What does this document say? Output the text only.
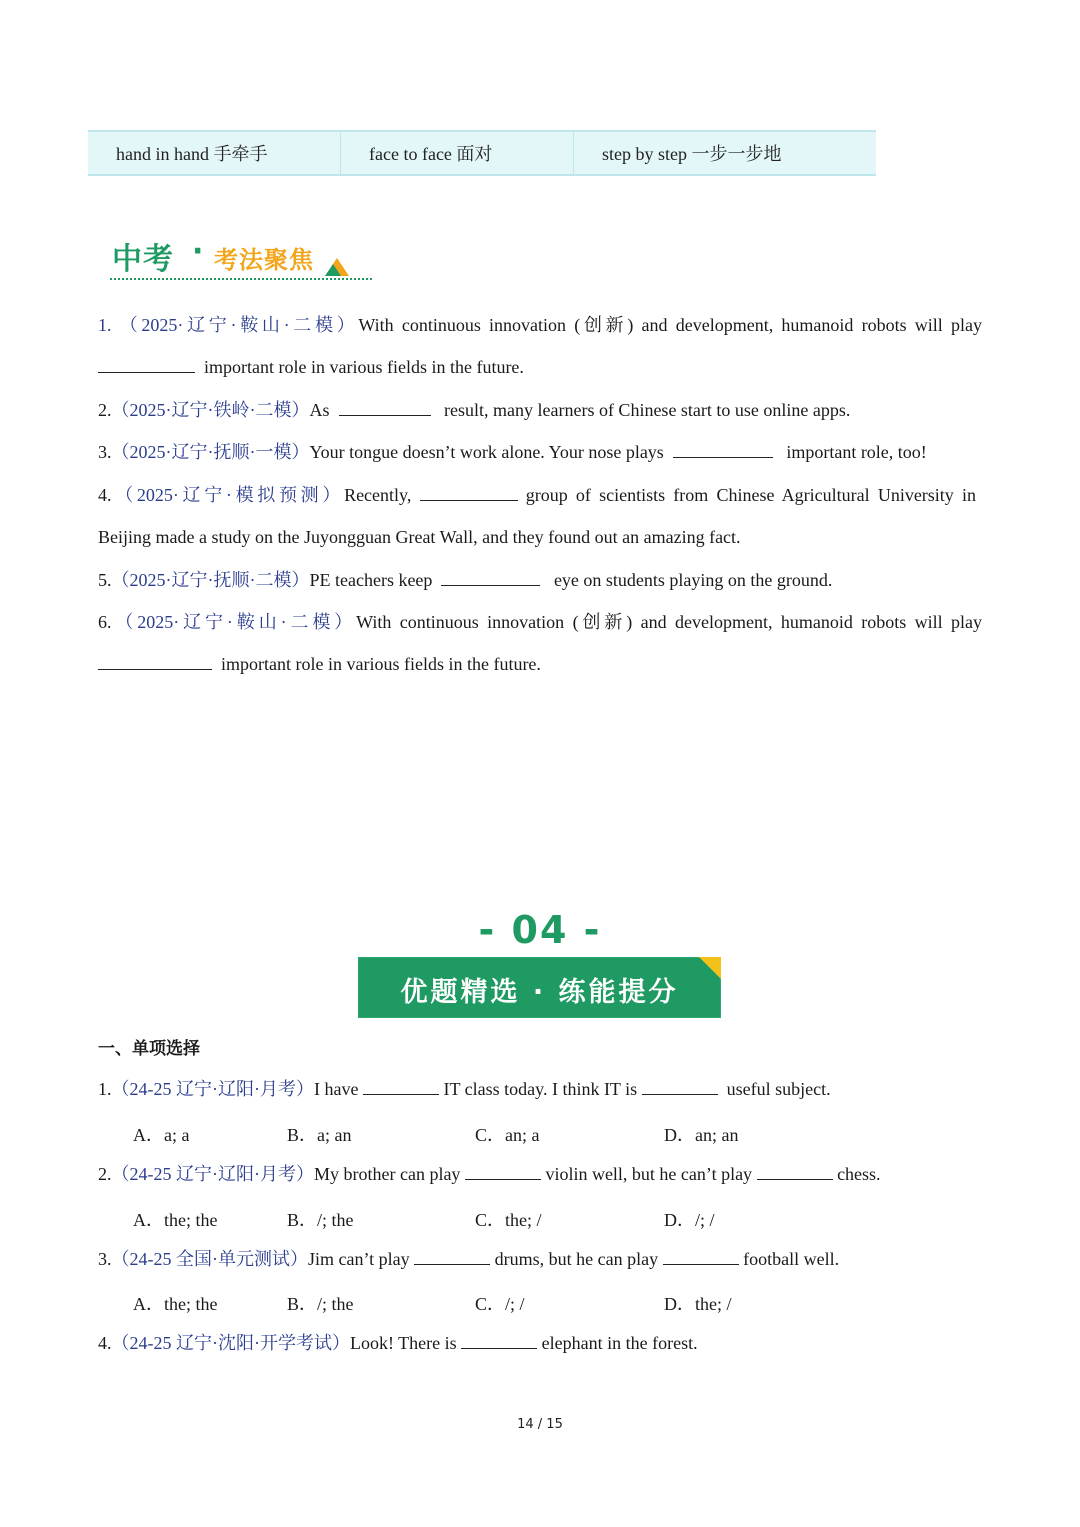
hand in hand 手牵手	face to face 面对	step by step 一步一步地
中考 · 考法聚焦
1. （2025·辽宁·鞍山·二模）With continuous innovation (创新) and development, humanoid robots will play
important role in various fields in the future.
2.（2025·辽宁·铁岭·二模）As	result, many learners of Chinese start to use online apps.
3.（2025·辽宁·抚顺·一模）Your tongue doesn’t work alone. Your nose plays	important role, too!
4.（2025·辽宁·模拟预测）Recently,	group of scientists from Chinese Agricultural University in
Beijing made a study on the Juyongguan Great Wall, and they found out an amazing fact.
5.（2025·辽宁·抚顺·二模）PE teachers keep	eye on students playing on the ground.
6.（2025·辽宁·鞍山·二模）With continuous innovation (创新) and development, humanoid robots will play
important role in various fields in the future.
- 04 -
优题精选 · 练能提分
一、单项选择
1.（24-25 辽宁·辽阳·月考）I have	IT class today. I think IT is	useful subject.
A．a; a	B．a; an	C．an; a	D．an; an
2.（24-25 辽宁·辽阳·月考）My brother can play	violin well, but he can’t play	chess.
A．the; the	B．/; the	C．the; /	D．/; /
3.（24-25 全国·单元测试）Jim can’t play	drums, but he can play	football well.
A．the; the	B．/; the	C．/; /	D．the; /
4.（24-25 辽宁·沈阳·开学考试）Look! There is	elephant in the forest.
14 / 15
